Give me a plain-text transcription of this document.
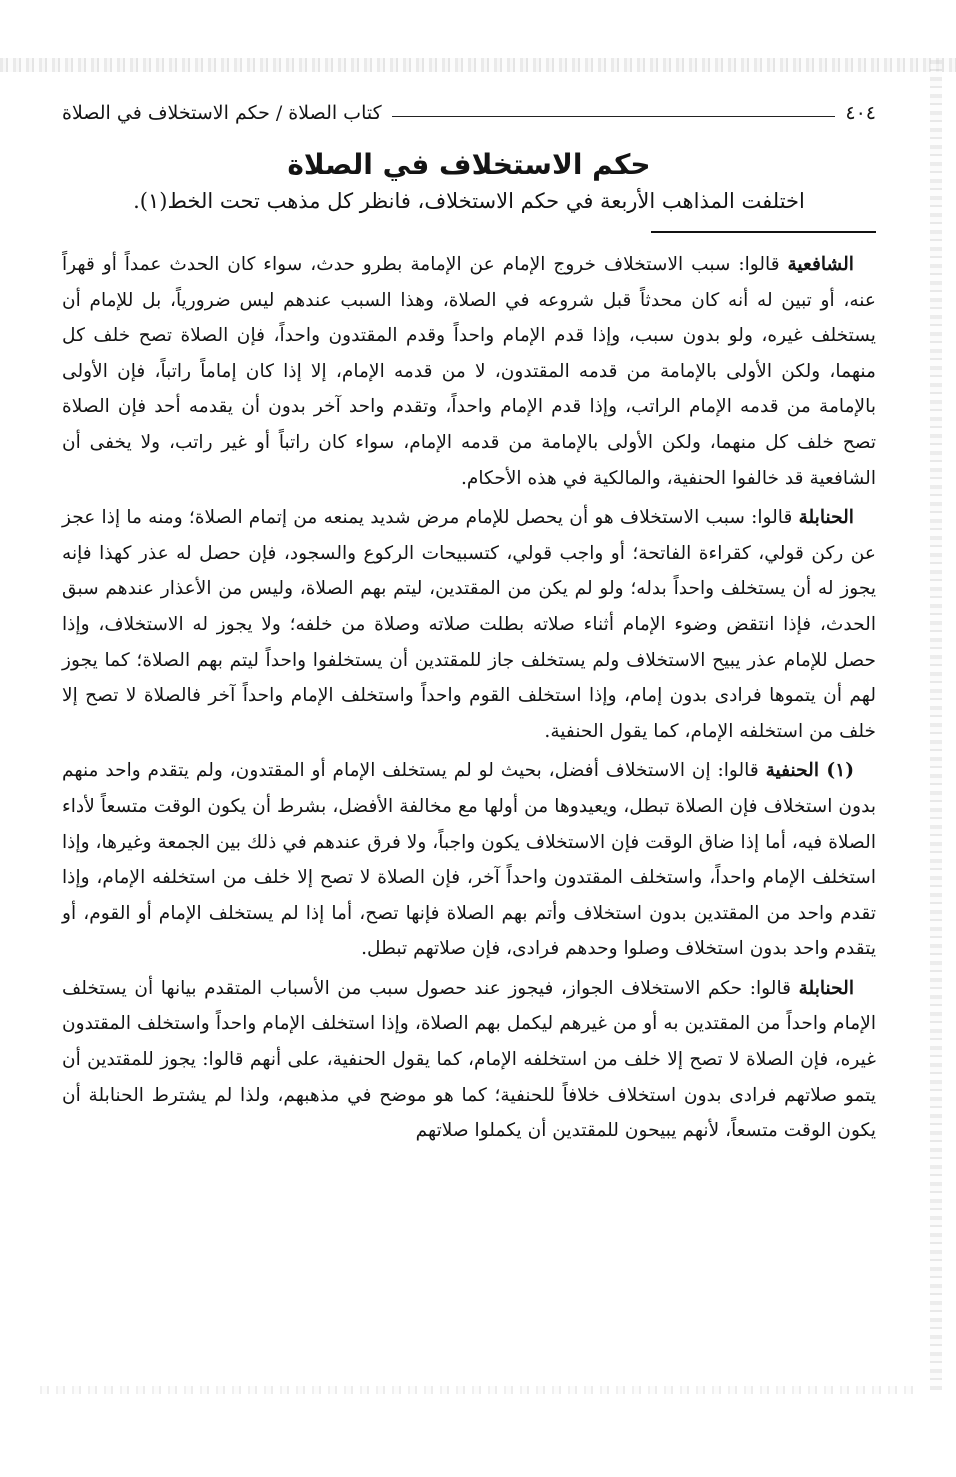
٤٠٤
كتاب الصلاة / حكم الاستخلاف في الصلاة
حكم الاستخلاف في الصلاة
اختلفت المذاهب الأربعة في حكم الاستخلاف، فانظر كل مذهب تحت الخط(١).

الشافعية قالوا: سبب الاستخلاف خروج الإمام عن الإمامة بطرو حدث، سواء كان الحدث عمداً أو قهراً عنه، أو تبين له أنه كان محدثاً قبل شروعه في الصلاة، وهذا السبب عندهم ليس ضرورياً، بل للإمام أن يستخلف غيره، ولو بدون سبب، وإذا قدم الإمام واحداً وقدم المقتدون واحداً، فإن الصلاة تصح خلف كل منهما، ولكن الأولى بالإمامة من قدمه المقتدون، لا من قدمه الإمام، إلا إذا كان إماماً راتباً، فإن الأولى بالإمامة من قدمه الإمام الراتب، وإذا قدم الإمام واحداً، وتقدم واحد آخر بدون أن يقدمه أحد فإن الصلاة تصح خلف كل منهما، ولكن الأولى بالإمامة من قدمه الإمام، سواء كان راتباً أو غير راتب، ولا يخفى أن الشافعية قد خالفوا الحنفية، والمالكية في هذه الأحكام.

الحنابلة قالوا: سبب الاستخلاف هو أن يحصل للإمام مرض شديد يمنعه من إتمام الصلاة؛ ومنه ما إذا عجز عن ركن قولي، كقراءة الفاتحة؛ أو واجب قولي، كتسبيحات الركوع والسجود، فإن حصل له عذر كهذا فإنه يجوز له أن يستخلف واحداً بدله؛ ولو لم يكن من المقتدين، ليتم بهم الصلاة، وليس من الأعذار عندهم سبق الحدث، فإذا انتقض وضوء الإمام أثناء صلاته بطلت صلاته وصلاة من خلفه؛ ولا يجوز له الاستخلاف، وإذا حصل للإمام عذر يبيح الاستخلاف ولم يستخلف جاز للمقتدين أن يستخلفوا واحداً ليتم بهم الصلاة؛ كما يجوز لهم أن يتموها فرادى بدون إمام، وإذا استخلف القوم واحداً واستخلف الإمام واحداً آخر فالصلاة لا تصح إلا خلف من استخلفه الإمام، كما يقول الحنفية.

(١) الحنفية قالوا: إن الاستخلاف أفضل، بحيث لو لم يستخلف الإمام أو المقتدون، ولم يتقدم واحد منهم بدون استخلاف فإن الصلاة تبطل، ويعيدوها من أولها مع مخالفة الأفضل، بشرط أن يكون الوقت متسعاً لأداء الصلاة فيه، أما إذا ضاق الوقت فإن الاستخلاف يكون واجباً، ولا فرق عندهم في ذلك بين الجمعة وغيرها، وإذا استخلف الإمام واحداً، واستخلف المقتدون واحداً آخر، فإن الصلاة لا تصح إلا خلف من استخلفه الإمام، وإذا تقدم واحد من المقتدين بدون استخلاف وأتم بهم الصلاة فإنها تصح، أما إذا لم يستخلف الإمام أو القوم، أو يتقدم واحد بدون استخلاف وصلوا وحدهم فرادى، فإن صلاتهم تبطل.

الحنابلة قالوا: حكم الاستخلاف الجواز، فيجوز عند حصول سبب من الأسباب المتقدم بيانها أن يستخلف الإمام واحداً من المقتدين به أو من غيرهم ليكمل بهم الصلاة، وإذا استخلف الإمام واحداً واستخلف المقتدون غيره، فإن الصلاة لا تصح إلا خلف من استخلفه الإمام، كما يقول الحنفية، على أنهم قالوا: يجوز للمقتدين أن يتمو صلاتهم فرادى بدون استخلاف خلافاً للحنفية؛ كما هو موضح في مذهبهم، ولذا لم يشترط الحنابلة أن يكون الوقت متسعاً، لأنهم يبيحون للمقتدين أن يكملوا صلاتهم
